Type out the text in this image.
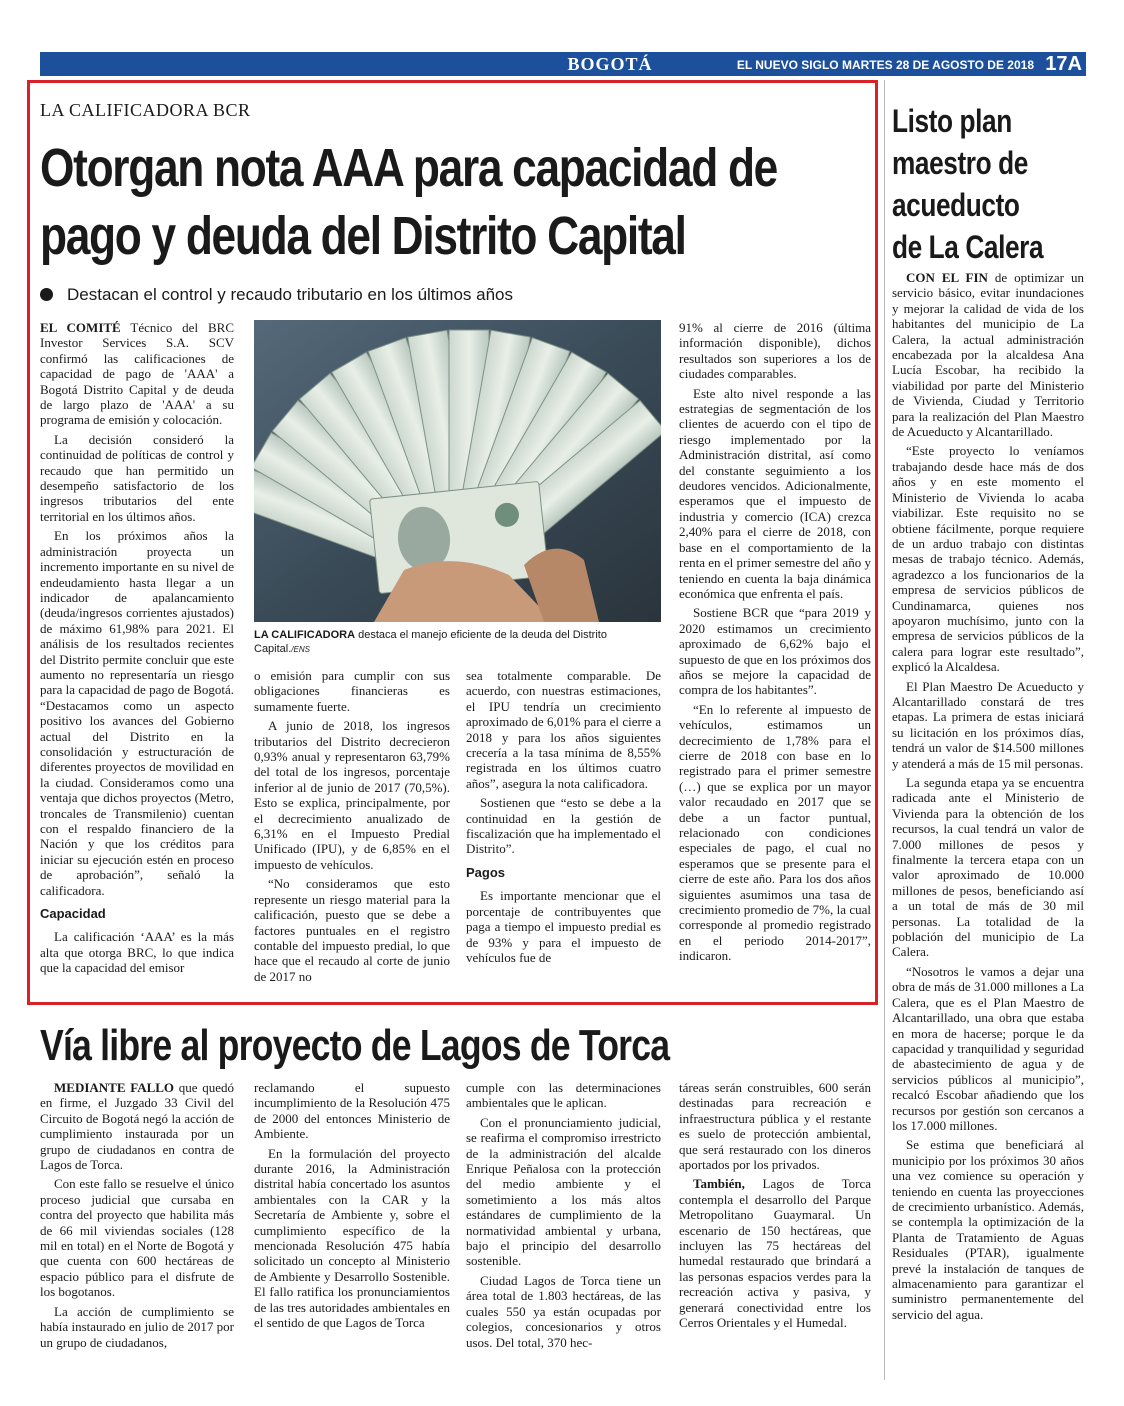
BOGOTÁ	EL NUEVO SIGLO MARTES 28 DE AGOSTO DE 2018 17A
LA CALIFICADORA BCR
Otorgan nota AAA para capacidad de pago y deuda del Distrito Capital
Destacan el control y recaudo tributario en los últimos años

EL COMITÉ Técnico del BRC Investor Services S.A. SCV confirmó las calificaciones de capacidad de pago de 'AAA' a Bogotá Distrito Capital y de deuda de largo plazo de 'AAA' a su programa de emisión y colocación.

La decisión consideró la continuidad de políticas de control y recaudo que han permitido un desempeño satisfactorio de los ingresos tributarios del ente territorial en los últimos años.

En los próximos años la administración proyecta un incremento importante en su nivel de endeudamiento hasta llegar a un indicador de apalancamiento (deuda/ingresos corrientes ajustados) de máximo 61,98% para 2021. El análisis de los resultados recientes del Distrito permite concluir que este aumento no representaría un riesgo para la capacidad de pago de Bogotá. “Destacamos como un aspecto positivo los avances del Gobierno actual del Distrito en la consolidación y estructuración de diferentes proyectos de movilidad en la ciudad. Consideramos como una ventaja que dichos proyectos (Metro, troncales de Transmilenio) cuentan con el respaldo financiero de la Nación y que los créditos para iniciar su ejecución estén en proceso de aprobación”, señaló la calificadora.

Capacidad

La calificación ‘AAA’ es la más alta que otorga BRC, lo que indica que la capacidad del emisor

LA CALIFICADORA destaca el manejo eficiente de la deuda del Distrito Capital./ENS

o emisión para cumplir con sus obligaciones financieras es sumamente fuerte.

A junio de 2018, los ingresos tributarios del Distrito decrecieron 0,93% anual y representaron 63,79% del total de los ingresos, porcentaje inferior al de junio de 2017 (70,5%). Esto se explica, principalmente, por el decrecimiento anualizado de 6,31% en el Impuesto Predial Unificado (IPU), y de 6,85% en el impuesto de vehículos.

“No consideramos que esto represente un riesgo material para la calificación, puesto que se debe a factores puntuales en el registro contable del impuesto predial, lo que hace que el recaudo al corte de junio de 2017 no

sea totalmente comparable. De acuerdo, con nuestras estimaciones, el IPU tendría un crecimiento aproximado de 6,01% para el cierre a 2018 y para los años siguientes crecería a la tasa mínima de 8,55% registrada en los últimos cuatro años”, asegura la nota calificadora.

Sostienen que “esto se debe a la continuidad en la gestión de fiscalización que ha implementado el Distrito”.

Pagos

Es importante mencionar que el porcentaje de contribuyentes que paga a tiempo el impuesto predial es de 93% y para el impuesto de vehículos fue de

91% al cierre de 2016 (última información disponible), dichos resultados son superiores a los de ciudades comparables.

Este alto nivel responde a las estrategias de segmentación de los clientes de acuerdo con el tipo de riesgo implementado por la Administración distrital, así como del constante seguimiento a los deudores vencidos. Adicionalmente, esperamos que el impuesto de industria y comercio (ICA) crezca 2,40% para el cierre de 2018, con base en el comportamiento de la renta en el primer semestre del año y teniendo en cuenta la baja dinámica económica que enfrenta el país.

Sostiene BCR que “para 2019 y 2020 estimamos un crecimiento aproximado de 6,62% bajo el supuesto de que en los próximos dos años se mejore la capacidad de compra de los habitantes”.

“En lo referente al impuesto de vehículos, estimamos un decrecimiento de 1,78% para el cierre de 2018 con base en lo registrado para el primer semestre (…) que se explica por un mayor valor recaudado en 2017 que se debe a un factor puntual, relacionado con condiciones especiales de pago, el cual no esperamos que se presente para el cierre de este año. Para los dos años siguientes asumimos una tasa de crecimiento promedio de 7%, la cual corresponde al promedio registrado en el periodo 2014-2017”, indicaron.

Listo plan maestro de acueducto de La Calera

CON EL FIN de optimizar un servicio básico, evitar inundaciones y mejorar la calidad de vida de los habitantes del municipio de La Calera, la actual administración encabezada por la alcaldesa Ana Lucía Escobar, ha recibido la viabilidad por parte del Ministerio de Vivienda, Ciudad y Territorio para la realización del Plan Maestro de Acueducto y Alcantarillado.

“Este proyecto lo veníamos trabajando desde hace más de dos años y en este momento el Ministerio de Vivienda lo acaba viabilizar. Este requisito no se obtiene fácilmente, porque requiere de un arduo trabajo con distintas mesas de trabajo técnico. Además, agradezco a los funcionarios de la empresa de servicios públicos de Cundinamarca, quienes nos apoyaron muchísimo, junto con la empresa de servicios públicos de la calera para lograr este resultado”, explicó la Alcaldesa.

El Plan Maestro De Acueducto y Alcantarillado constará de tres etapas. La primera de estas iniciará su licitación en los próximos días, tendrá un valor de $14.500 millones y atenderá a más de 15 mil personas.

La segunda etapa ya se encuentra radicada ante el Ministerio de Vivienda para la obtención de los recursos, la cual tendrá un valor de 7.000 millones de pesos y finalmente la tercera etapa con un valor aproximado de 10.000 millones de pesos, beneficiando así a un total de más de 30 mil personas. La totalidad de la población del municipio de La Calera.

“Nosotros le vamos a dejar una obra de más de 31.000 millones a La Calera, que es el Plan Maestro de Alcantarillado, una obra que estaba en mora de hacerse; porque le da capacidad y tranquilidad y seguridad de abastecimiento de agua y de servicios públicos al municipio”, recalcó Escobar añadiendo que los recursos por gestión son cercanos a los 17.000 millones.

Se estima que beneficiará al municipio por los próximos 30 años una vez comience su operación y teniendo en cuenta las proyecciones de crecimiento urbanístico. Además, se contempla la optimización de la Planta de Tratamiento de Aguas Residuales (PTAR), igualmente prevé la instalación de tanques de almacenamiento para garantizar el suministro permanentemente del servicio del agua.

Vía libre al proyecto de Lagos de Torca

MEDIANTE FALLO que quedó en firme, el Juzgado 33 Civil del Circuito de Bogotá negó la acción de cumplimiento instaurada por un grupo de ciudadanos en contra de Lagos de Torca.

Con este fallo se resuelve el único proceso judicial que cursaba en contra del proyecto que habilita más de 66 mil viviendas sociales (128 mil en total) en el Norte de Bogotá y que cuenta con 600 hectáreas de espacio público para el disfrute de los bogotanos.

La acción de cumplimiento se había instaurado en julio de 2017 por un grupo de ciudadanos,

reclamando el supuesto incumplimiento de la Resolución 475 de 2000 del entonces Ministerio de Ambiente.

En la formulación del proyecto durante 2016, la Administración distrital había concertado los asuntos ambientales con la CAR y la Secretaría de Ambiente y, sobre el cumplimiento específico de la mencionada Resolución 475 había solicitado un concepto al Ministerio de Ambiente y Desarrollo Sostenible. El fallo ratifica los pronunciamientos de las tres autoridades ambientales en el sentido de que Lagos de Torca

cumple con las determinaciones ambientales que le aplican.

Con el pronunciamiento judicial, se reafirma el compromiso irrestricto de la administración del alcalde Enrique Peñalosa con la protección del medio ambiente y el sometimiento a los más altos estándares de cumplimiento de la normatividad ambiental y urbana, bajo el principio del desarrollo sostenible.

Ciudad Lagos de Torca tiene un área total de 1.803 hectáreas, de las cuales 550 ya están ocupadas por colegios, concesionarios y otros usos. Del total, 370 hec-

táreas serán construibles, 600 serán destinadas para recreación e infraestructura pública y el restante es suelo de protección ambiental, que será restaurado con los dineros aportados por los privados.

También, Lagos de Torca contempla el desarrollo del Parque Metropolitano Guaymaral. Un escenario de 150 hectáreas, que incluyen las 75 hectáreas del humedal restaurado que brindará a las personas espacios verdes para la recreación activa y pasiva, y generará conectividad entre los Cerros Orientales y el Humedal.
